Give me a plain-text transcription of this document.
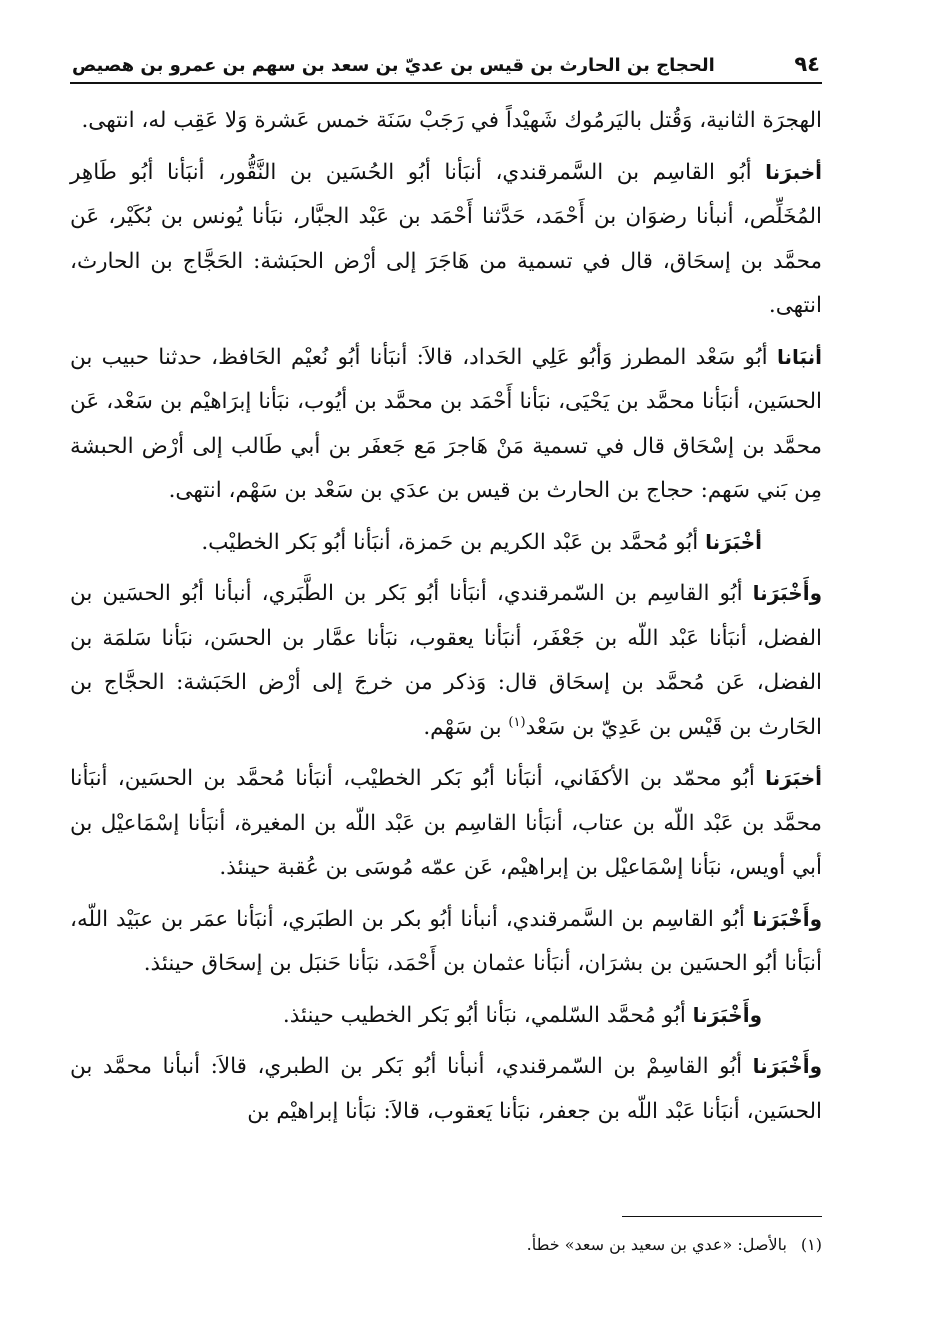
٩٤
الحجاج بن الحارث بن قيس بن عديّ بن سعد بن سهم بن عمرو بن هصيص

الهجرَة الثانية، وَقُتل باليَرمُوك شَهيْداً في رَجَبْ سَنَة خمس عَشرة وَلا عَقِب له، انتهى.

أخبرَنا أبُو القاسِم بن السَّمرقندي، أنبَأنا أبُو الحُسَين بن النَّقُّور، أنبَأنا أبُو طَاهِر المُخَلِّص، أنبأنا رضوَان بن أَحْمَد، حَدَّثنا أَحْمَد بن عَبْد الجبَّار، نبَأنا يُونس بن بُكَيْر، عَن محمَّد بن إسحَاق، قال في تسمية من هَاجَرَ إلى أرْض الحبَشة: الحَجَّاج بن الحارث، انتهى.

أنبَانا أبُو سَعْد المطرز وَأبُو عَلِي الحَداد، قالاَ: أنبَأنا أبُو نُعيْم الحَافظ، حدثنا حبيب بن الحسَين، أنبَأنا محمَّد بن يَحْيَى، نبَأنا أَحْمَد بن محمَّد بن أيُوب، نبَأنا إبرَاهيْم بن سَعْد، عَن محمَّد بن إسْحَاق قال في تسمية مَنْ هَاجرَ مَع جَعفَر بن أبي طَالب إلى أرْض الحبشة مِن بَني سَهم: حجاج بن الحارث بن قيس بن عدَي بن سَعْد بن سَهْم، انتهى.

أخْبَرَنا أبُو مُحمَّد بن عَبْد الكريم بن حَمزة، أنبَأنا أبُو بَكر الخطيْب.

وأَخْبَرَنا أبُو القاسِم بن السّمرقندي، أنبَأنا أبُو بَكر بن الطَّبَري، أنبأنا أبُو الحسَين بن الفضل، أنبَأنا عَبْد اللّه بن جَعْفَر، أنبَأنا يعقوب، نبَأنا عمَّار بن الحسَن، نبَأنا سَلمَة بن الفضل، عَن مُحمَّد بن إسحَاق قال: وَذكر من خرجَ إلى أرْض الحَبَشة: الحجَّاج بن الحَارث بن قَيْس بن عَدِيّ بن سَعْد$^{(١)}$ بن سَهْم.

أخبَرَنا أبُو محمّد بن الأكفَاني، أنبَأنا أبُو بَكر الخطيْب، أنبَأنا مُحمَّد بن الحسَين، أنبَأنا محمَّد بن عَبْد اللّه بن عتاب، أنبَأنا القاسِم بن عَبْد اللّه بن المغيرة، أنبَأنا إسْمَاعيْل بن أبي أويس، نبَأنا إسْمَاعيْل بن إبراهيْم، عَن عمّه مُوسَى بن عُقبة حينئذ.

وأَخْبَرَنا أبُو القاسِم بن السَّمرقندي، أنبأنا أبُو بكر بن الطبَري، أنبَأنا عمَر بن عبَيْد اللّه، أنبَأنا أبُو الحسَين بن بشرَان، أنبَأنا عثمان بن أَحْمَد، نبَأنا حَنبَل بن إسحَاق حينئذ.

وأَخْبَرَنا أبُو مُحمَّد السّلمي، نبَأنا أبُو بَكر الخطيب حينئذ.

وأَخْبَرَنا أبُو القاسِمْ بن السّمرقندي، أنبأنا أبُو بَكر بن الطبري، قالاَ: أنبأنا محمَّد بن الحسَين، أنبَأنا عَبْد اللّه بن جعفر، نبَأنا يَعقوب، قالاَ: نبَأنا إبراهيْم بن

(١)بالأصل: «عدي بن سعيد بن سعد» خطأ.
